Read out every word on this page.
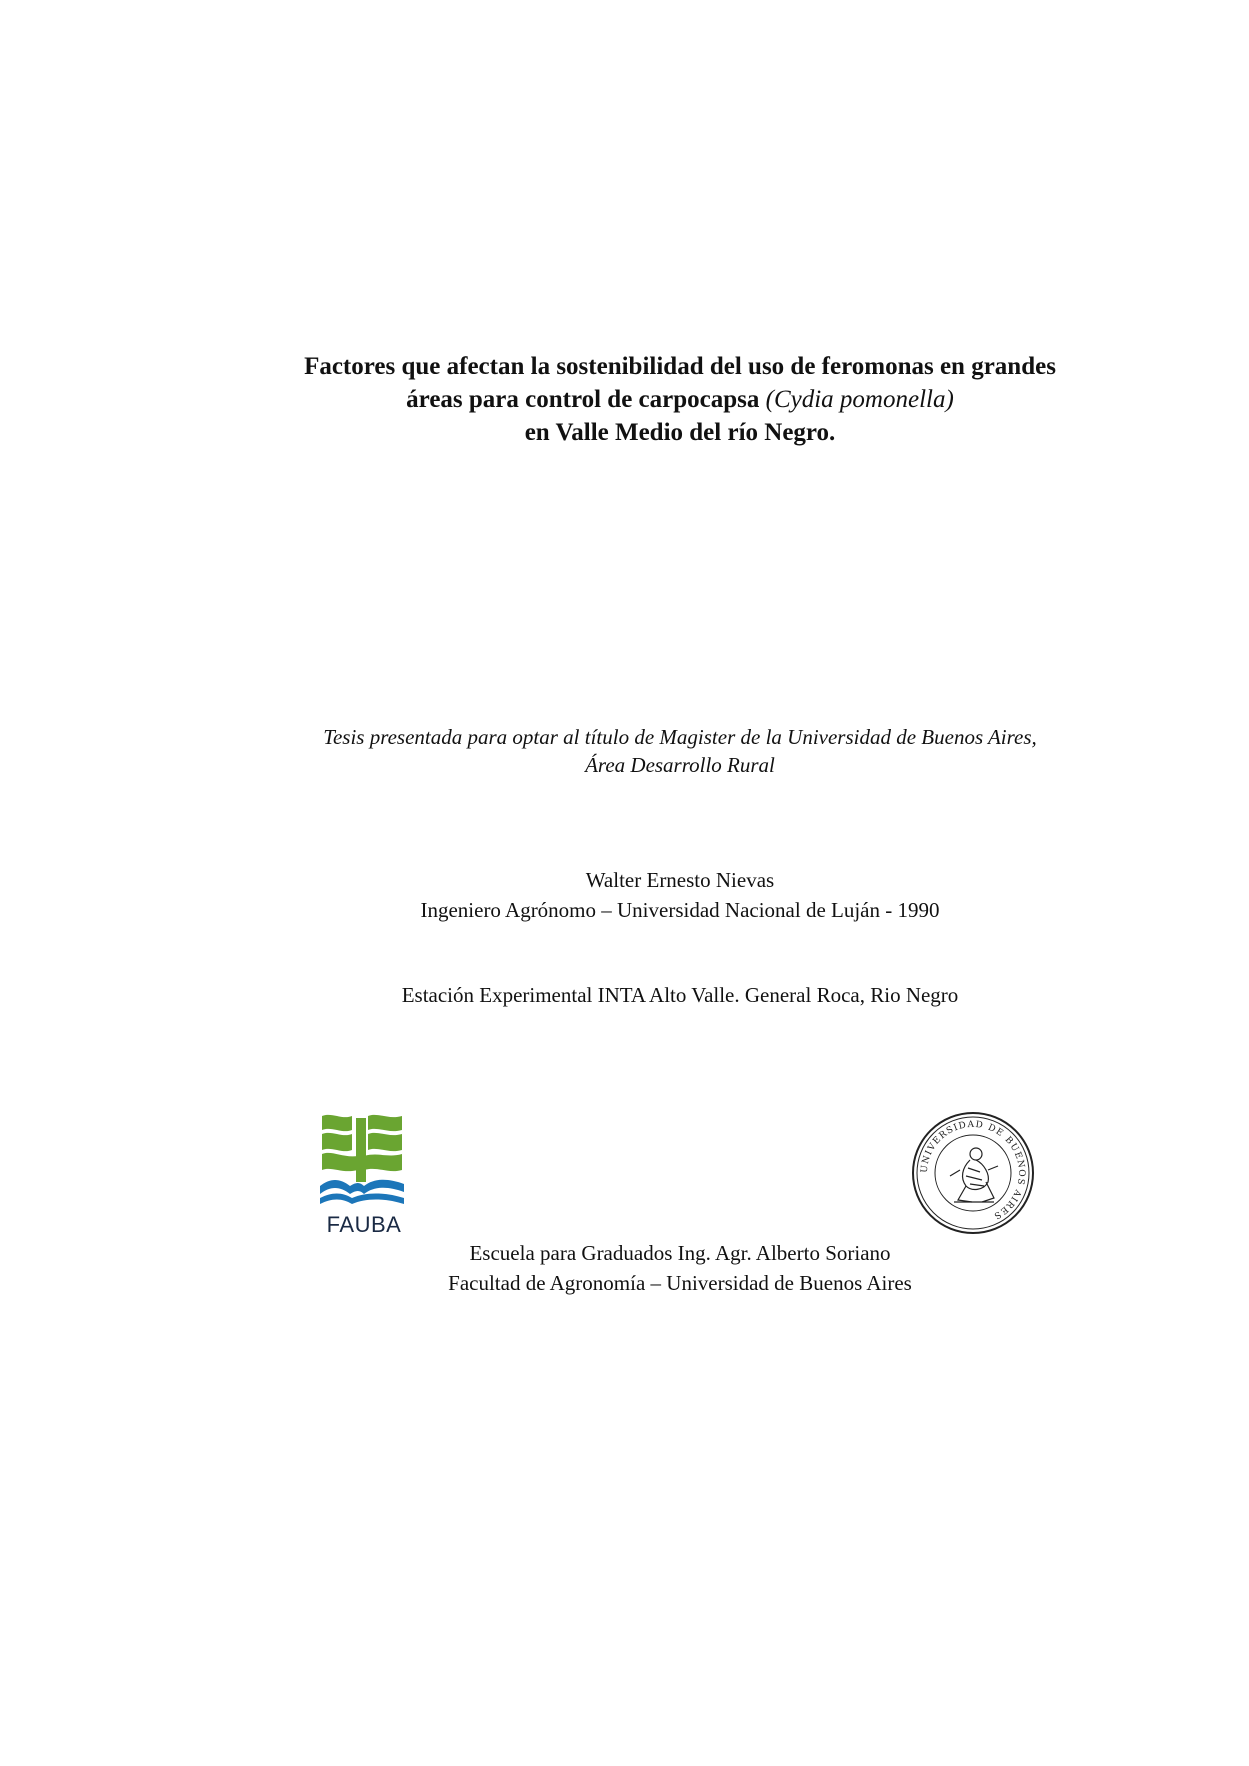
Factores que afectan la sostenibilidad del uso de feromonas en grandes
áreas para control de carpocapsa (Cydia pomonella)
en Valle Medio del río Negro.
Tesis presentada para optar al título de Magister de la Universidad de Buenos Aires,
Área Desarrollo Rural
Walter Ernesto Nievas
Ingeniero Agrónomo – Universidad Nacional de Luján - 1990
Estación Experimental INTA Alto Valle. General Roca, Rio Negro
FAUBA
UNIVERSIDAD DE BUENOS AIRES
Escuela para Graduados Ing. Agr. Alberto Soriano
Facultad de Agronomía – Universidad de Buenos Aires
